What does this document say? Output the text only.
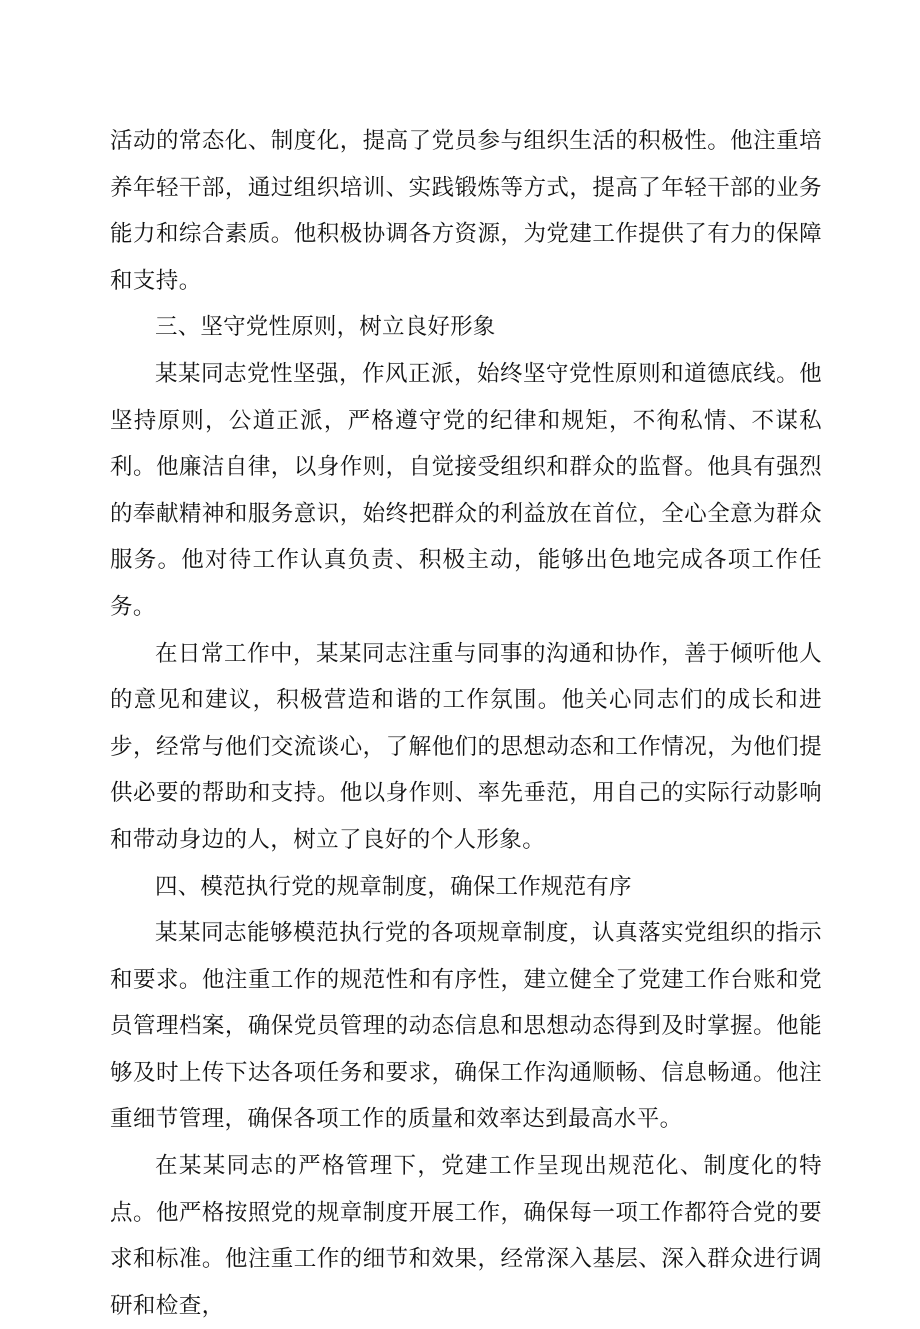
活动的常态化、制度化，提高了党员参与组织生活的积极性。他注重培养年轻干部，通过组织培训、实践锻炼等方式，提高了年轻干部的业务能力和综合素质。他积极协调各方资源，为党建工作提供了有力的保障和支持。

三、坚守党性原则，树立良好形象

某某同志党性坚强，作风正派，始终坚守党性原则和道德底线。他坚持原则，公道正派，严格遵守党的纪律和规矩，不徇私情、不谋私利。他廉洁自律，以身作则，自觉接受组织和群众的监督。他具有强烈的奉献精神和服务意识，始终把群众的利益放在首位，全心全意为群众服务。他对待工作认真负责、积极主动，能够出色地完成各项工作任务。

在日常工作中，某某同志注重与同事的沟通和协作，善于倾听他人的意见和建议，积极营造和谐的工作氛围。他关心同志们的成长和进步，经常与他们交流谈心，了解他们的思想动态和工作情况，为他们提供必要的帮助和支持。他以身作则、率先垂范，用自己的实际行动影响和带动身边的人，树立了良好的个人形象。

四、模范执行党的规章制度，确保工作规范有序

某某同志能够模范执行党的各项规章制度，认真落实党组织的指示和要求。他注重工作的规范性和有序性，建立健全了党建工作台账和党员管理档案，确保党员管理的动态信息和思想动态得到及时掌握。他能够及时上传下达各项任务和要求，确保工作沟通顺畅、信息畅通。他注重细节管理，确保各项工作的质量和效率达到最高水平。

在某某同志的严格管理下，党建工作呈现出规范化、制度化的特点。他严格按照党的规章制度开展工作，确保每一项工作都符合党的要求和标准。他注重工作的细节和效果，经常深入基层、深入群众进行调研和检查，
